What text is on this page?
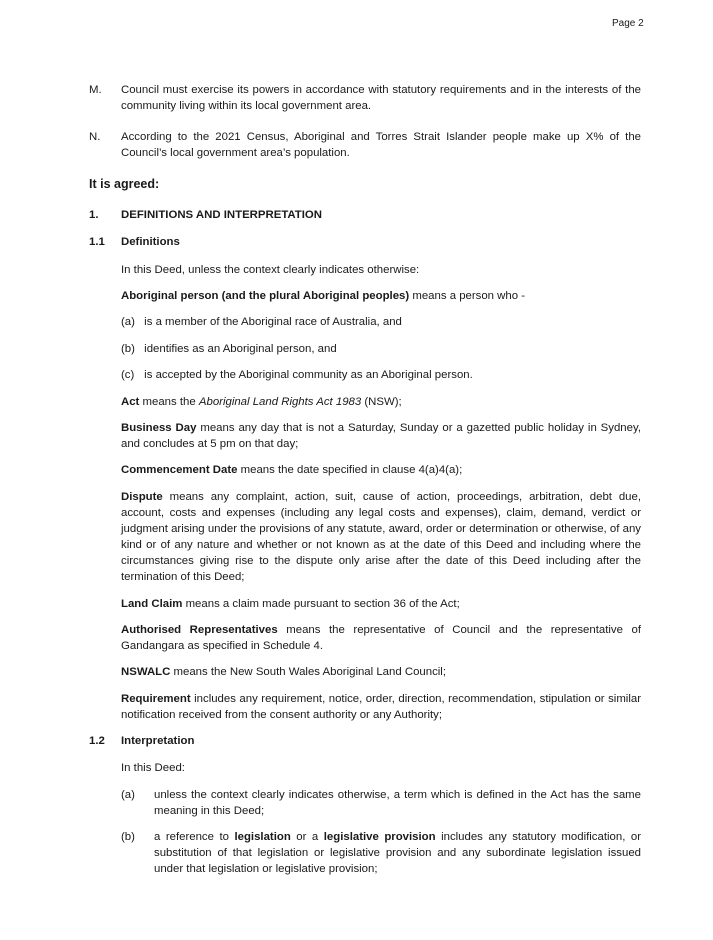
Page 2
M. Council must exercise its powers in accordance with statutory requirements and in the interests of the community living within its local government area.
N. According to the 2021 Census, Aboriginal and Torres Strait Islander people make up X% of the Council’s local government area’s population.
It is agreed:
1. DEFINITIONS AND INTERPRETATION
1.1 Definitions
In this Deed, unless the context clearly indicates otherwise:
Aboriginal person (and the plural Aboriginal peoples) means a person who -
(a) is a member of the Aboriginal race of Australia, and
(b) identifies as an Aboriginal person, and
(c) is accepted by the Aboriginal community as an Aboriginal person.
Act means the Aboriginal Land Rights Act 1983 (NSW);
Business Day means any day that is not a Saturday, Sunday or a gazetted public holiday in Sydney, and concludes at 5 pm on that day;
Commencement Date means the date specified in clause 4(a)4(a);
Dispute means any complaint, action, suit, cause of action, proceedings, arbitration, debt due, account, costs and expenses (including any legal costs and expenses), claim, demand, verdict or judgment arising under the provisions of any statute, award, order or determination or otherwise, of any kind or of any nature and whether or not known as at the date of this Deed and including where the circumstances giving rise to the dispute only arise after the date of this Deed including after the termination of this Deed;
Land Claim means a claim made pursuant to section 36 of the Act;
Authorised Representatives means the representative of Council and the representative of Gandangara as specified in Schedule 4.
NSWALC means the New South Wales Aboriginal Land Council;
Requirement includes any requirement, notice, order, direction, recommendation, stipulation or similar notification received from the consent authority or any Authority;
1.2 Interpretation
In this Deed:
(a) unless the context clearly indicates otherwise, a term which is defined in the Act has the same meaning in this Deed;
(b) a reference to legislation or a legislative provision includes any statutory modification, or substitution of that legislation or legislative provision and any subordinate legislation issued under that legislation or legislative provision;
